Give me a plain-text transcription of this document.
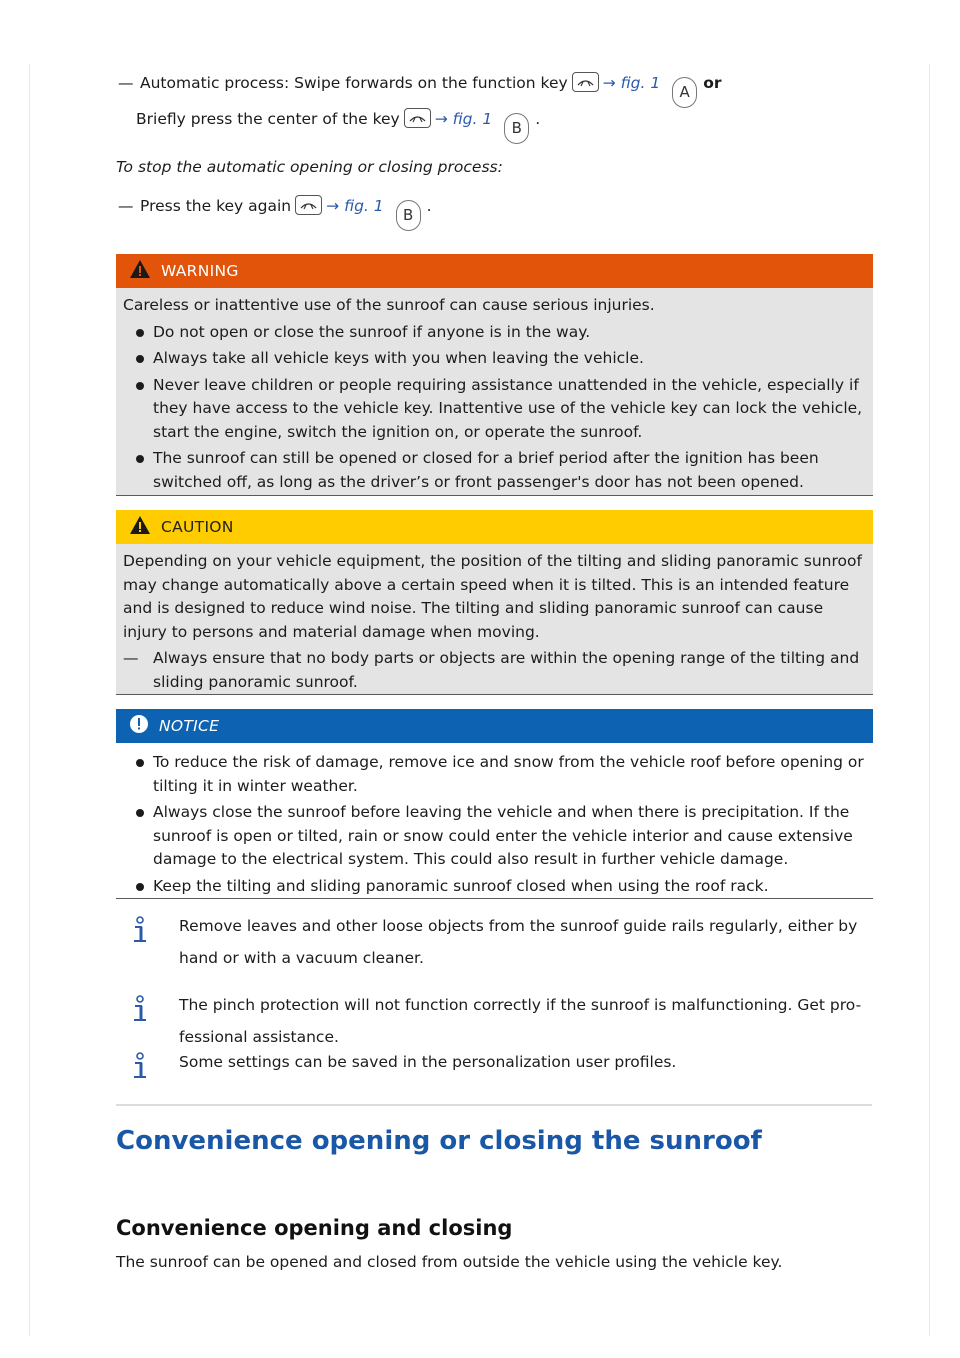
— Automatic process: Swipe forwards on the function key → fig. 1 A or
Briefly press the center of the key → fig. 1 B .
To stop the automatic opening or closing process:
— Press the key again → fig. 1 B .
WARNING
Careless or inattentive use of the sunroof can cause serious injuries.
Do not open or close the sunroof if anyone is in the way.
Always take all vehicle keys with you when leaving the vehicle.
Never leave children or people requiring assistance unattended in the vehicle, especially if they have access to the vehicle key. Inattentive use of the vehicle key can lock the vehicle, start the engine, switch the ignition on, or operate the sunroof.
The sunroof can still be opened or closed for a brief period after the ignition has been switched off, as long as the driver’s or front passenger's door has not been opened.
CAUTION
Depending on your vehicle equipment, the position of the tilting and sliding panoramic sunroof may change automatically above a certain speed when it is tilted. This is an intended feature and is designed to reduce wind noise. The tilting and sliding panoramic sunroof can cause injury to persons and material damage when moving.
— Always ensure that no body parts or objects are within the opening range of the tilting and sliding panoramic sunroof.
NOTICE
To reduce the risk of damage, remove ice and snow from the vehicle roof before opening or tilting it in winter weather.
Always close the sunroof before leaving the vehicle and when there is precipitation. If the sunroof is open or tilted, rain or snow could enter the vehicle interior and cause extensive damage to the electrical system. This could also result in further vehicle damage.
Keep the tilting and sliding panoramic sunroof closed when using the roof rack.
Remove leaves and other loose objects from the sunroof guide rails regularly, either by hand or with a vacuum cleaner.
The pinch protection will not function correctly if the sunroof is malfunctioning. Get pro-fessional assistance.
Some settings can be saved in the personalization user profiles.
Convenience opening or closing the sunroof
Convenience opening and closing
The sunroof can be opened and closed from outside the vehicle using the vehicle key.
